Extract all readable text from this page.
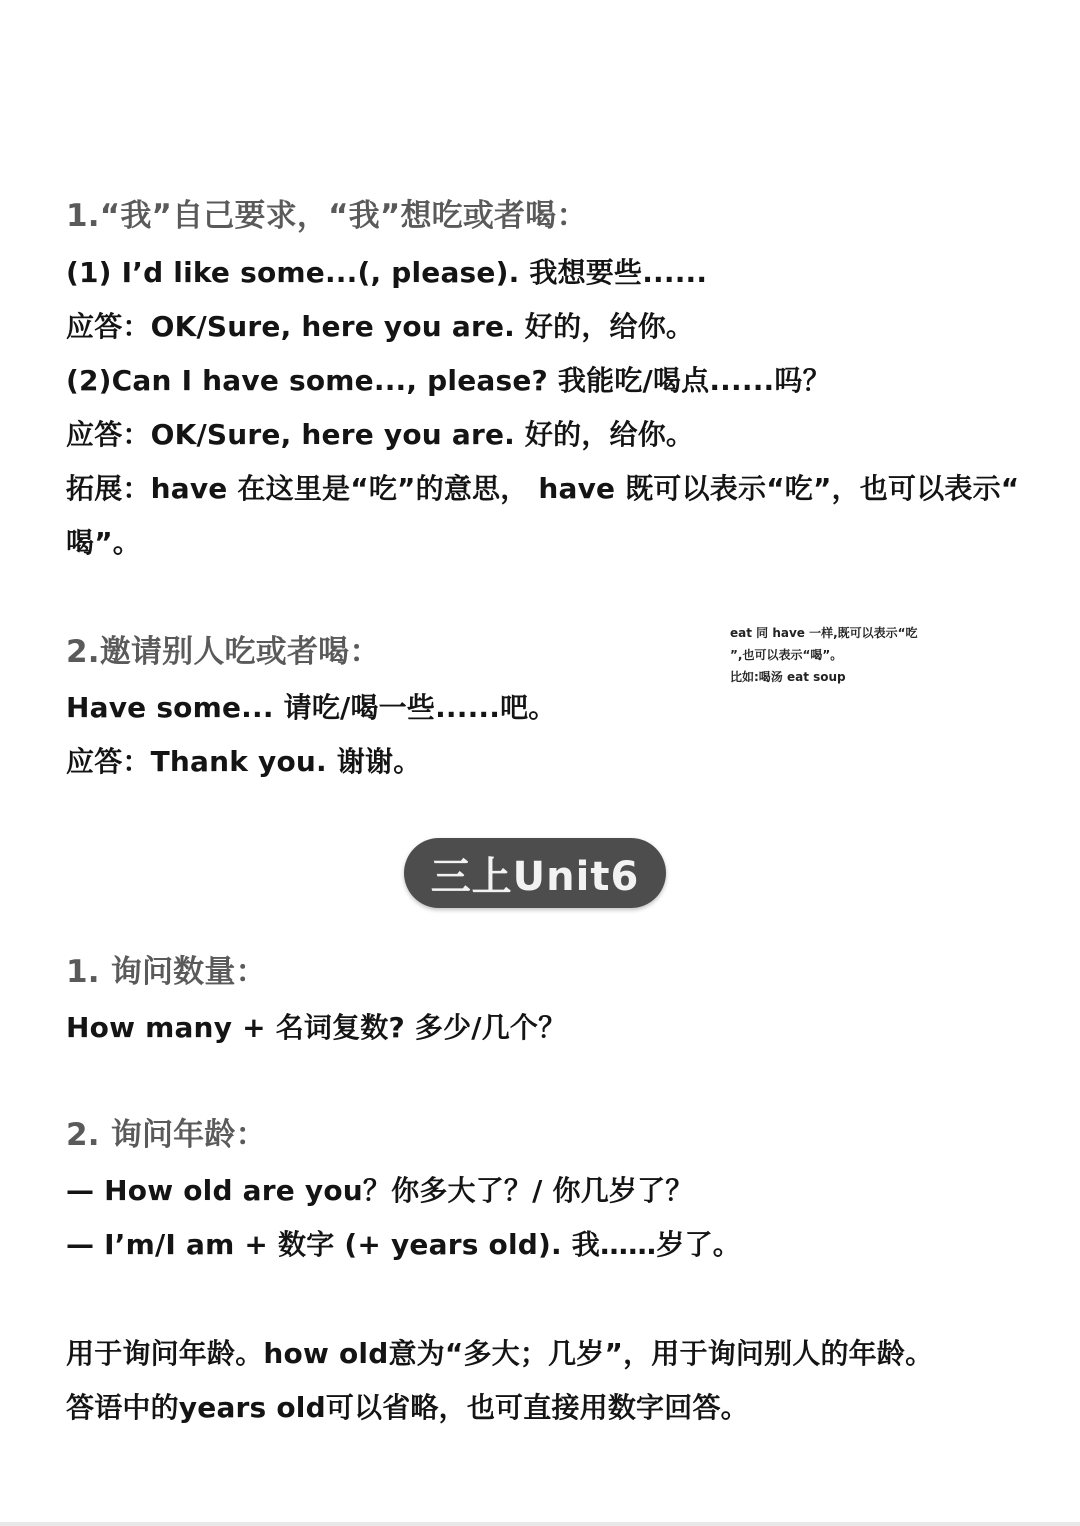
1.“我”自己要求，“我”想吃或者喝：
(1) I’d like some...(, please). 我想要些......
应答：OK/Sure, here you are. 好的，给你。
(2)Can I have some..., please? 我能吃/喝点......吗？
应答：OK/Sure, here you are. 好的，给你。
拓展：have 在这里是“吃”的意思， have 既可以表示“吃”，也可以表示“
喝”。
2.邀请别人吃或者喝：
Have some... 请吃/喝一些......吧。
应答：Thank you. 谢谢。
eat 同 have 一样,既可以表示“吃
”,也可以表示“喝”。
比如:喝汤 eat soup
三上Unit6
1. 询问数量：
How many + 名词复数? 多少/几个？
2. 询问年龄：
— How old are you？你多大了？/ 你几岁了？
— I’m/I am + 数字 (+ years old). 我……岁了。
用于询问年龄。how old意为“多大；几岁”，用于询问别人的年龄。
答语中的years old可以省略，也可直接用数字回答。
